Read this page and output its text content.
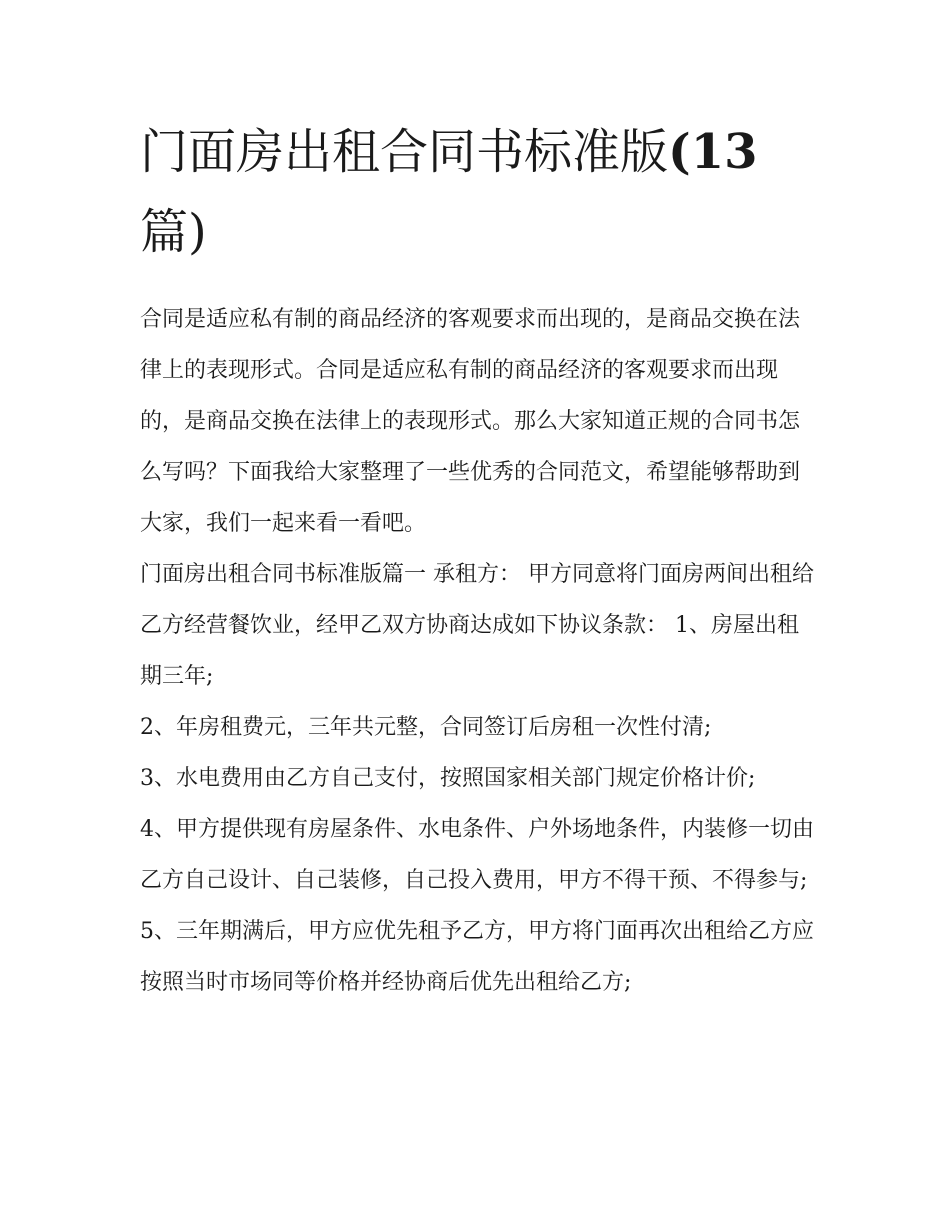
门面房出租合同书标准版(13篇)

合同是适应私有制的商品经济的客观要求而出现的，是商品交换在法律上的表现形式。合同是适应私有制的商品经济的客观要求而出现的，是商品交换在法律上的表现形式。那么大家知道正规的合同书怎么写吗？下面我给大家整理了一些优秀的合同范文，希望能够帮助到大家，我们一起来看一看吧。

门面房出租合同书标准版篇一 承租方： 甲方同意将门面房两间出租给乙方经营餐饮业，经甲乙双方协商达成如下协议条款： 1、房屋出租期三年;

2、年房租费元，三年共元整，合同签订后房租一次性付清;

3、水电费用由乙方自己支付，按照国家相关部门规定价格计价;

4、甲方提供现有房屋条件、水电条件、户外场地条件，内装修一切由乙方自己设计、自己装修，自己投入费用，甲方不得干预、不得参与;

5、三年期满后，甲方应优先租予乙方，甲方将门面再次出租给乙方应按照当时市场同等价格并经协商后优先出租给乙方;
